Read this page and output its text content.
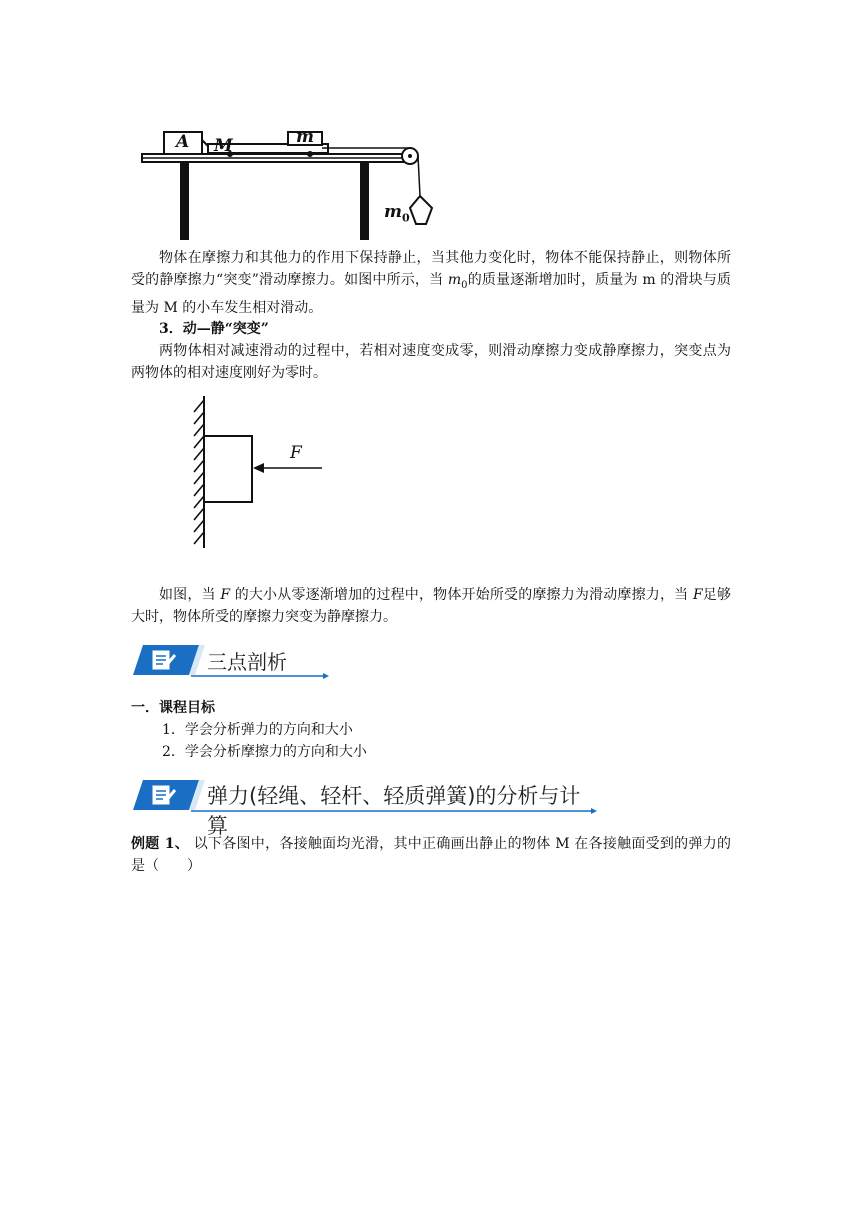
A M	m
$m_0$
物体在摩擦力和其他力的作用下保持静止，当其他力变化时，物体不能保持静止，则物体所受的静摩擦力“突变”滑动摩擦力。如图中所示，当 $m_0$的质量逐渐增加时，质量为 m 的滑块与质量为 M 的小车发生相对滑动。
3．动—静“突变”
两物体相对减速滑动的过程中，若相对速度变成零，则滑动摩擦力变成静摩擦力，突变点为两物体的相对速度刚好为零时。
F
如图，当 F 的大小从零逐渐增加的过程中，物体开始所受的摩擦力为滑动摩擦力，当 F足够大时，物体所受的摩擦力突变为静摩擦力。
三点剖析
一．课程目标
1．学会分析弹力的方向和大小
2．学会分析摩擦力的方向和大小
弹力(轻绳、轻杆、轻质弹簧)的分析与计算
例题 1、 以下各图中，各接触面均光滑，其中正确画出静止的物体 M 在各接触面受到的弹力的是（　　）
